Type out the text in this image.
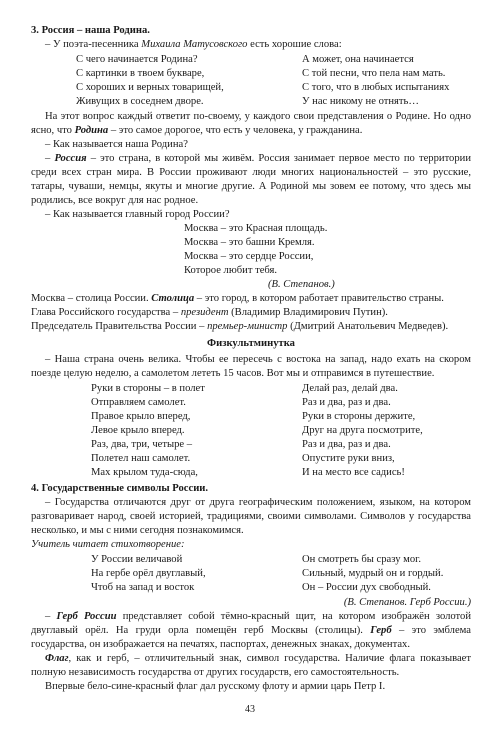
3. Россия – наша Родина.

– У поэта-песенника Михаила Матусовского есть хорошие слова:

С чего начинается Родина?
С картинки в твоем букваре,
С хороших и верных товарищей,
Живущих в соседнем дворе.
А может, она начинается
С той песни, что пела нам мать.
С того, что в любых испытаниях
У нас никому не отнять…

На этот вопрос каждый ответит по-своему, у каждого свои представления о Родине. Но одно ясно, что Родина – это самое дорогое, что есть у человека, у гражданина.

– Как называется наша Родина?

– Россия – это страна, в которой мы живём. Россия занимает первое место по территории среди всех стран мира. В России проживают люди многих национальностей – это русские, татары, чуваши, немцы, якуты и многие другие. А Родиной мы зовем ее потому, что здесь мы родились, все вокруг для нас родное.

– Как называется главный город России?

Москва – это Красная площадь.
Москва – это башни Кремля.
Москва – это сердце России,
Которое любит тебя.

(В. Степанов.)

Москва – столица России. Столица – это город, в котором работает правительство страны.

Глава Российского государства – президент (Владимир Владимирович Путин).

Председатель Правительства России – премьер-министр (Дмитрий Анатольевич Медведев).

Физкультминутка

– Наша страна очень велика. Чтобы ее пересечь с востока на запад, надо ехать на скором поезде целую неделю, а самолетом лететь 15 часов. Вот мы и отправимся в путешествие.

Руки в стороны – в полет
Отправляем самолет.
Правое крыло вперед,
Левое крыло вперед.
Раз, два, три, четыре –
Полетел наш самолет.
Мах крылом туда-сюда,
Делай раз, делай два.
Раз и два, раз и два.
Руки в стороны держите,
Друг на друга посмотрите,
Раз и два, раз и два.
Опустите руки вниз,
И на место все садись!

4. Государственные символы России.

– Государства отличаются друг от друга географическим положением, языком, на котором разговаривает народ, своей историей, традициями, своими символами. Символов у государства несколько, и мы с ними сегодня познакомимся.

Учитель читает стихотворение:

У России величавой
На гербе орёл двуглавый,
Чтоб на запад и восток
Он смотреть бы сразу мог.
Сильный, мудрый он и гордый.
Он – России дух свободный.

(В. Степанов. Герб России.)

– Герб России представляет собой тёмно-красный щит, на котором изображён золотой двуглавый орёл. На груди орла помещён герб Москвы (столицы). Герб – это эмблема государства, он изображается на печатях, паспортах, денежных знаках, документах.

Флаг, как и герб, – отличительный знак, символ государства. Наличие флага показывает полную независимость государства от других государств, его самостоятельность.

Впервые бело-сине-красный флаг дал русскому флоту и армии царь Петр I.

43
